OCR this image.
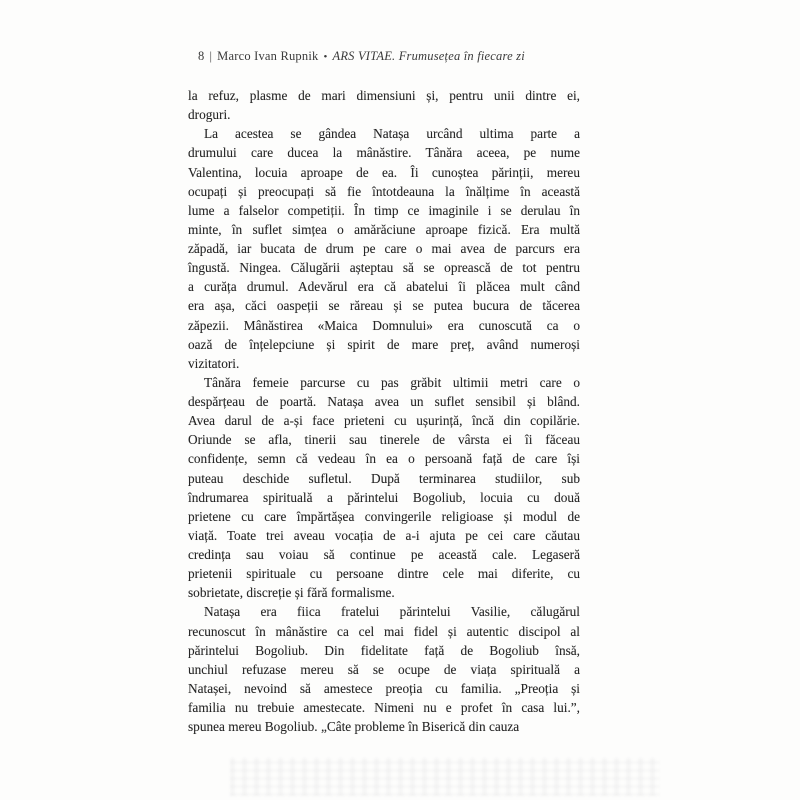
8 | Marco Ivan Rupnik • ARS VITAE. Frumusețea în fiecare zi
la refuz, plasme de mari dimensiuni și, pentru unii dintre ei,
droguri.
La acestea se gândea Natașa urcând ultima parte a
drumului care ducea la mânăstire. Tânăra aceea, pe nume
Valentina, locuia aproape de ea. Îi cunoștea părinții, mereu
ocupați și preocupați să fie întotdeauna la înălțime în această
lume a falselor competiții. În timp ce imaginile i se derulau în
minte, în suflet simțea o amărăciune aproape fizică. Era multă
zăpadă, iar bucata de drum pe care o mai avea de parcurs era
îngustă. Ningea. Călugării așteptau să se oprească de tot pentru
a curăța drumul. Adevărul era că abatelui îi plăcea mult când
era așa, căci oaspeții se răreau și se putea bucura de tăcerea
zăpezii. Mânăstirea «Maica Domnului» era cunoscută ca o
oază de înțelepciune și spirit de mare preț, având numeroși
vizitatori.
Tânăra femeie parcurse cu pas grăbit ultimii metri care o
despărțeau de poartă. Natașa avea un suflet sensibil și blând.
Avea darul de a-și face prieteni cu ușurință, încă din copilărie.
Oriunde se afla, tinerii sau tinerele de vârsta ei îi făceau
confidențe, semn că vedeau în ea o persoană față de care își
puteau deschide sufletul. După terminarea studiilor, sub
îndrumarea spirituală a părintelui Bogoliub, locuia cu două
prietene cu care împărtășea convingerile religioase și modul de
viață. Toate trei aveau vocația de a-i ajuta pe cei care căutau
credința sau voiau să continue pe această cale. Legaseră
prietenii spirituale cu persoane dintre cele mai diferite, cu
sobrietate, discreție și fără formalisme.
Natașa era fiica fratelui părintelui Vasilie, călugărul
recunoscut în mânăstire ca cel mai fidel și autentic discipol al
părintelui Bogoliub. Din fidelitate față de Bogoliub însă,
unchiul refuzase mereu să se ocupe de viața spirituală a
Natașei, nevoind să amestece preoția cu familia. „Preoția și
familia nu trebuie amestecate. Nimeni nu e profet în casa lui.”,
spunea mereu Bogoliub. „Câte probleme în Biserică din cauza
